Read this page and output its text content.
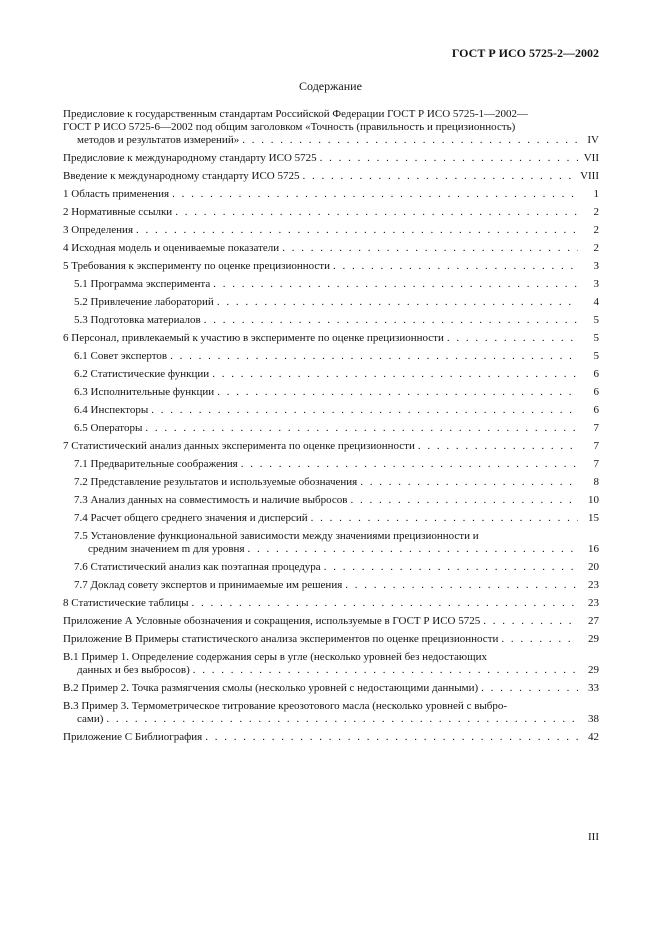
ГОСТ Р ИСО 5725-2—2002
Содержание
Предисловие к государственным стандартам Российской Федерации ГОСТ Р ИСО 5725-1—2002—
ГОСТ Р ИСО 5725-6—2002 под общим заголовком «Точность (правильность и прецизионность)
методов и результатов измерений» . . .	IV
Предисловие к международному стандарту ИСО 5725 . . .	VII
Введение к международному стандарту ИСО 5725 . . .	VIII
1 Область применения . . .	1
2 Нормативные ссылки . . .	2
3 Определения . . .	2
4 Исходная модель и оцениваемые показатели . . .	2
5 Требования к эксперименту по оценке прецизионности . . .	3
5.1 Программа эксперимента . . .	3
5.2 Привлечение лабораторий . . .	4
5.3 Подготовка материалов . . .	5
6 Персонал, привлекаемый к участию в эксперименте по оценке прецизионности . . .	5
6.1 Совет экспертов . . .	5
6.2 Статистические функции . . .	6
6.3 Исполнительные функции . . .	6
6.4 Инспекторы . . .	6
6.5 Операторы . . .	7
7 Статистический анализ данных эксперимента по оценке прецизионности . . .	7
7.1 Предварительные соображения . . .	7
7.2 Представление результатов и используемые обозначения . . .	8
7.3 Анализ данных на совместимость и наличие выбросов . . .	10
7.4 Расчет общего среднего значения и дисперсий . . .	15
7.5 Установление функциональной зависимости между значениями прецизионности и
средним значением m для уровня . . .	16
7.6 Статистический анализ как поэтапная процедура . . .	20
7.7 Доклад совету экспертов и принимаемые им решения . . .	23
8 Статистические таблицы . . .	23
Приложение А Условные обозначения и сокращения, используемые в ГОСТ Р ИСО 5725 . . .	27
Приложение В Примеры статистического анализа экспериментов по оценке прецизионности . . .	29
В.1 Пример 1. Определение содержания серы в угле (несколько уровней без недостающих
данных и без выбросов) . . .	29
В.2 Пример 2. Точка размягчения смолы (несколько уровней с недостающими данными) . . .	33
В.3 Пример 3. Термометрическое титрование креозотового масла (несколько уровней с выбро-
сами) . . .	38
Приложение С Библиография . . .	42
III
